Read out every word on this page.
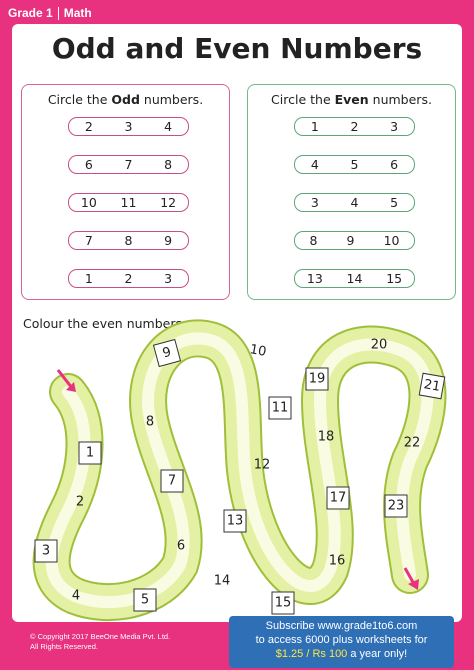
Grade 1 Math
Odd and Even Numbers
Circle the Odd numbers.
2	3	4
6	7	8
10 11 12
7	8	9
1	2	3
Circle the Even numbers.
1	2	3
4	5	6
3	4	5
8 9 10
13 14 15
Colour the even numbers.
1
2
3
4	5
6
7
8
9	10
11
12
13
14
15
16
17
18
19
20
21
22
23
© Copyright 2017 BeeOne Media Pvt. Ltd.
All Rights Reserved.
Subscribe www.grade1to6.com
to access 6000 plus worksheets for
$1.25 / Rs 100 a year only!
